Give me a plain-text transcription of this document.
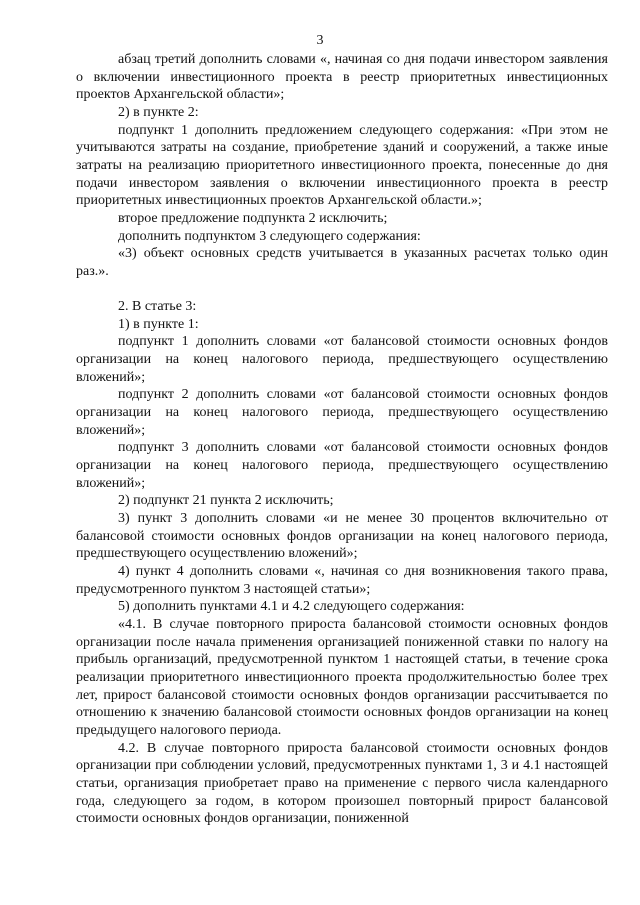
3

абзац третий дополнить словами «, начиная со дня подачи инвестором заявления о включении инвестиционного проекта в реестр приоритетных инвестиционных проектов Архангельской области»;

2) в пункте 2:

подпункт 1 дополнить предложением следующего содержания: «При этом не учитываются затраты на создание, приобретение зданий и сооружений, а также иные затраты на реализацию приоритетного инвестиционного проекта, понесенные до дня подачи инвестором заявления о включении инвестиционного проекта в реестр приоритетных инвестиционных проектов Архангельской области.»;

второе предложение подпункта 2 исключить;

дополнить подпунктом 3 следующего содержания:

«3) объект основных средств учитывается в указанных расчетах только один раз.».

2. В статье 3:

1) в пункте 1:

подпункт 1 дополнить словами «от балансовой стоимости основных фондов организации на конец налогового периода, предшествующего осуществлению вложений»;

подпункт 2 дополнить словами «от балансовой стоимости основных фондов организации на конец налогового периода, предшествующего осуществлению вложений»;

подпункт 3 дополнить словами «от балансовой стоимости основных фондов организации на конец налогового периода, предшествующего осуществлению вложений»;

2) подпункт 21 пункта 2 исключить;

3) пункт 3 дополнить словами «и не менее 30 процентов включительно от балансовой стоимости основных фондов организации на конец налогового периода, предшествующего осуществлению вложений»;

4) пункт 4 дополнить словами «, начиная со дня возникновения такого права, предусмотренного пунктом 3 настоящей статьи»;

5) дополнить пунктами 4.1 и 4.2 следующего содержания:

«4.1. В случае повторного прироста балансовой стоимости основных фондов организации после начала применения организацией пониженной ставки по налогу на прибыль организаций, предусмотренной пунктом 1 настоящей статьи, в течение срока реализации приоритетного инвестиционного проекта продолжительностью более трех лет, прирост балансовой стоимости основных фондов организации рассчитывается по отношению к значению балансовой стоимости основных фондов организации на конец предыдущего налогового периода.

4.2. В случае повторного прироста балансовой стоимости основных фондов организации при соблюдении условий, предусмотренных пунктами 1, 3 и 4.1 настоящей статьи, организация приобретает право на применение с первого числа календарного года, следующего за годом, в котором произошел повторный прирост балансовой стоимости основных фондов организации, пониженной
